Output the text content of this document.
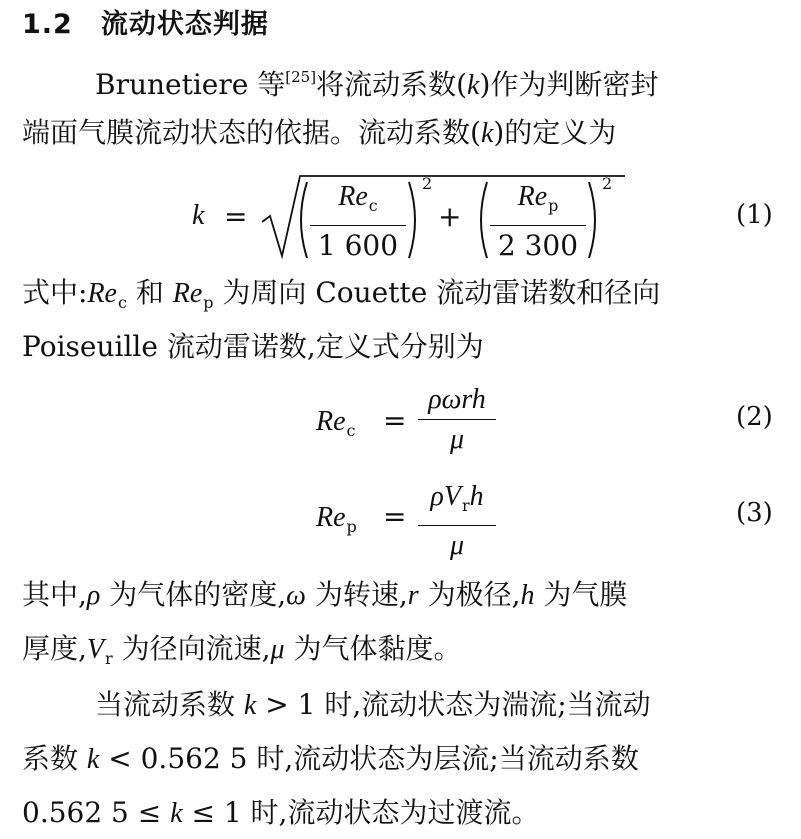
1.2 流动状态判据
Brunetiere 等[25]将流动系数(k)作为判断密封
端面气膜流动状态的依据。流动系数(k)的定义为
k =
$Re_c$
1 600
2
+
$Re_p$
2 300
2
(1)
式中$:Re_c$ 和 $Re_p$ 为周向 Couette 流动雷诺数和径向
Poiseuille 流动雷诺数,定义式分别为
$Re_c$ =
ρωrh
μ
(2)
$Re_p$ =
$\rho V_rh$
μ
(3)
其中,ρ 为气体的密度,ω 为转速,r 为极径,h 为气膜
厚度$,V_r$ 为径向流速,μ 为气体黏度。
当流动系数 k > 1 时,流动状态为湍流;当流动
系数 k < 0.562 5 时,流动状态为层流;当流动系数
0.562 5 ≤ k ≤ 1 时,流动状态为过渡流。
